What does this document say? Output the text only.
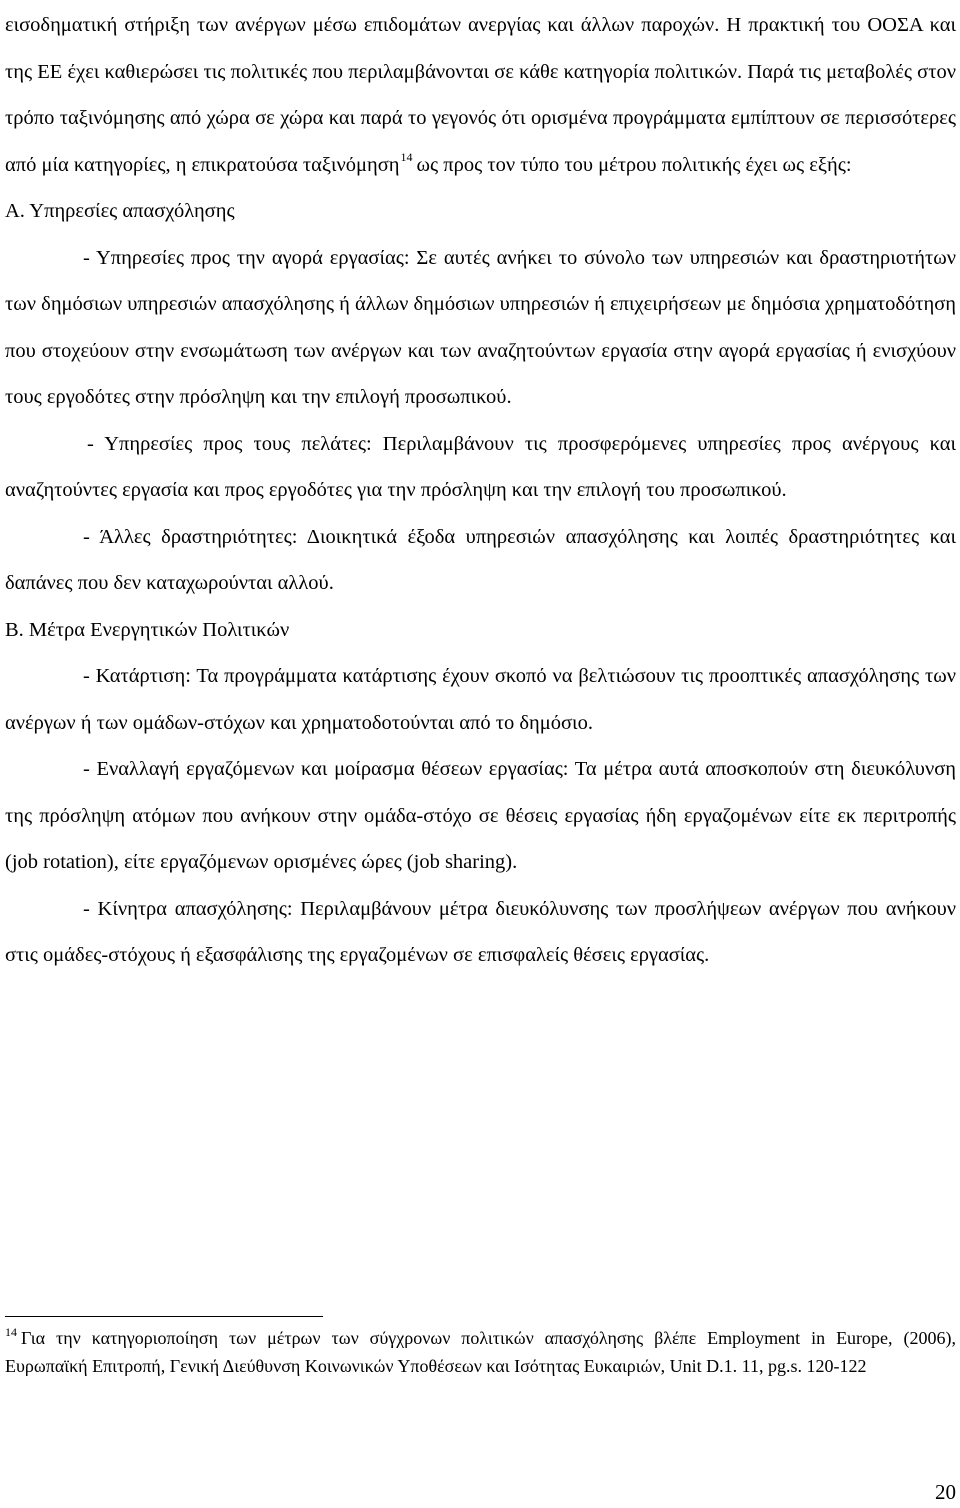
εισοδηματική στήριξη των ανέργων μέσω επιδομάτων ανεργίας και άλλων παροχών. Η πρακτική του ΟΟΣΑ και της ΕΕ έχει καθιερώσει τις πολιτικές που περιλαμβάνονται σε κάθε κατηγορία πολιτικών. Παρά τις μεταβολές στον τρόπο ταξινόμησης από χώρα σε χώρα και παρά το γεγονός ότι ορισμένα προγράμματα εμπίπτουν σε περισσότερες από μία κατηγορίες, η επικρατούσα ταξινόμηση$^{14}$ ως προς τον τύπο του μέτρου πολιτικής έχει ως εξής:

Α. Υπηρεσίες απασχόλησης

- Υπηρεσίες προς την αγορά εργασίας: Σε αυτές ανήκει το σύνολο των υπηρεσιών και δραστηριοτήτων των δημόσιων υπηρεσιών απασχόλησης ή άλλων δημόσιων υπηρεσιών ή επιχειρήσεων με δημόσια χρηματοδότηση που στοχεύουν στην ενσωμάτωση των ανέργων και των αναζητούντων εργασία στην αγορά εργασίας ή ενισχύουν τους εργοδότες στην πρόσληψη και την επιλογή προσωπικού.

- Υπηρεσίες προς τους πελάτες: Περιλαμβάνουν τις προσφερόμενες υπηρεσίες προς ανέργους και αναζητούντες εργασία και προς εργοδότες για την πρόσληψη και την επιλογή του προσωπικού.

- Άλλες δραστηριότητες: Διοικητικά έξοδα υπηρεσιών απασχόλησης και λοιπές δραστηριότητες και δαπάνες που δεν καταχωρούνται αλλού.

Β. Μέτρα Ενεργητικών Πολιτικών

- Κατάρτιση: Τα προγράμματα κατάρτισης έχουν σκοπό να βελτιώσουν τις προοπτικές απασχόλησης των ανέργων ή των ομάδων-στόχων και χρηματοδοτούνται από το δημόσιο.

- Εναλλαγή εργαζόμενων και μοίρασμα θέσεων εργασίας: Τα μέτρα αυτά αποσκοπούν στη διευκόλυνση της πρόσληψη ατόμων που ανήκουν στην ομάδα-στόχο σε θέσεις εργασίας ήδη εργαζομένων είτε εκ περιτροπής (job rotation), είτε εργαζόμενων ορισμένες ώρες (job sharing).

- Κίνητρα απασχόλησης: Περιλαμβάνουν μέτρα διευκόλυνσης των προσλήψεων ανέργων που ανήκουν στις ομάδες-στόχους ή εξασφάλισης της εργαζομένων σε επισφαλείς θέσεις εργασίας.

$^{14}$ Για την κατηγοριοποίηση των μέτρων των σύγχρονων πολιτικών απασχόλησης βλέπε Employment in Europe, (2006), Ευρωπαϊκή Επιτροπή, Γενική Διεύθυνση Κοινωνικών Υποθέσεων και Ισότητας Ευκαιριών, Unit D.1. 11, pg.s. 120-122
20
